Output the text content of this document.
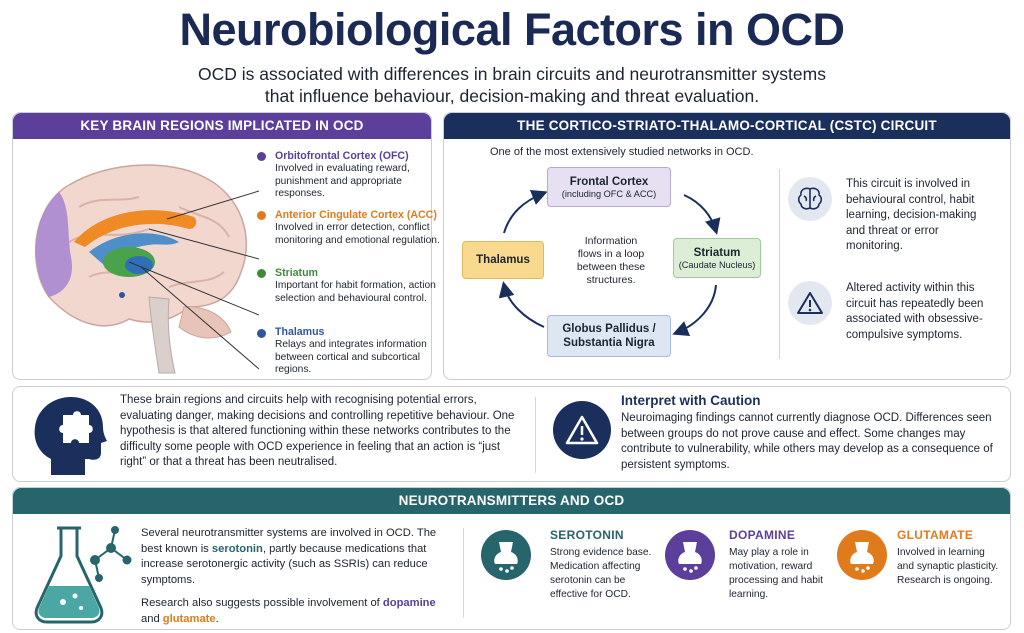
Neurobiological Factors in OCD
OCD is associated with differences in brain circuits and neurotransmitter systems
that influence behaviour, decision-making and threat evaluation.
KEY BRAIN REGIONS IMPLICATED IN OCD
Orbitofrontal Cortex (OFC)
Involved in evaluating reward, punishment and appropriate responses.
Anterior Cingulate Cortex (ACC)
Involved in error detection, conflict monitoring and emotional regulation.
Striatum
Important for habit formation, action selection and behavioural control.
Thalamus
Relays and integrates information between cortical and subcortical regions.
THE CORTICO-STRIATO-THALAMO-CORTICAL (CSTC) CIRCUIT
One of the most extensively studied networks in OCD.
Frontal Cortex
(including OFC & ACC)
Striatum
(Caudate Nucleus)
Globus Pallidus /
Substantia Nigra
Thalamus
Information
flows in a loop
between these
structures.
This circuit is involved in behavioural control, habit learning, decision-making and threat or error monitoring.
Altered activity within this circuit has repeatedly been associated with obsessive-compulsive symptoms.
These brain regions and circuits help with recognising potential errors, evaluating danger, making decisions and controlling repetitive behaviour. One hypothesis is that altered functioning within these networks contributes to the difficulty some people with OCD experience in feeling that an action is “just right” or that a threat has been neutralised.
Interpret with Caution
Neuroimaging findings cannot currently diagnose OCD. Differences seen between groups do not prove cause and effect. Some changes may contribute to vulnerability, while others may develop as a consequence of persistent symptoms.
NEUROTRANSMITTERS AND OCD
Several neurotransmitter systems are involved in OCD. The best known is serotonin, partly because medications that increase serotonergic activity (such as SSRIs) can reduce symptoms.
Research also suggests possible involvement of dopamine and glutamate.
SEROTONIN
Strong evidence base. Medication affecting serotonin can be effective for OCD.
DOPAMINE
May play a role in motivation, reward processing and habit learning.
GLUTAMATE
Involved in learning and synaptic plasticity. Research is ongoing.
